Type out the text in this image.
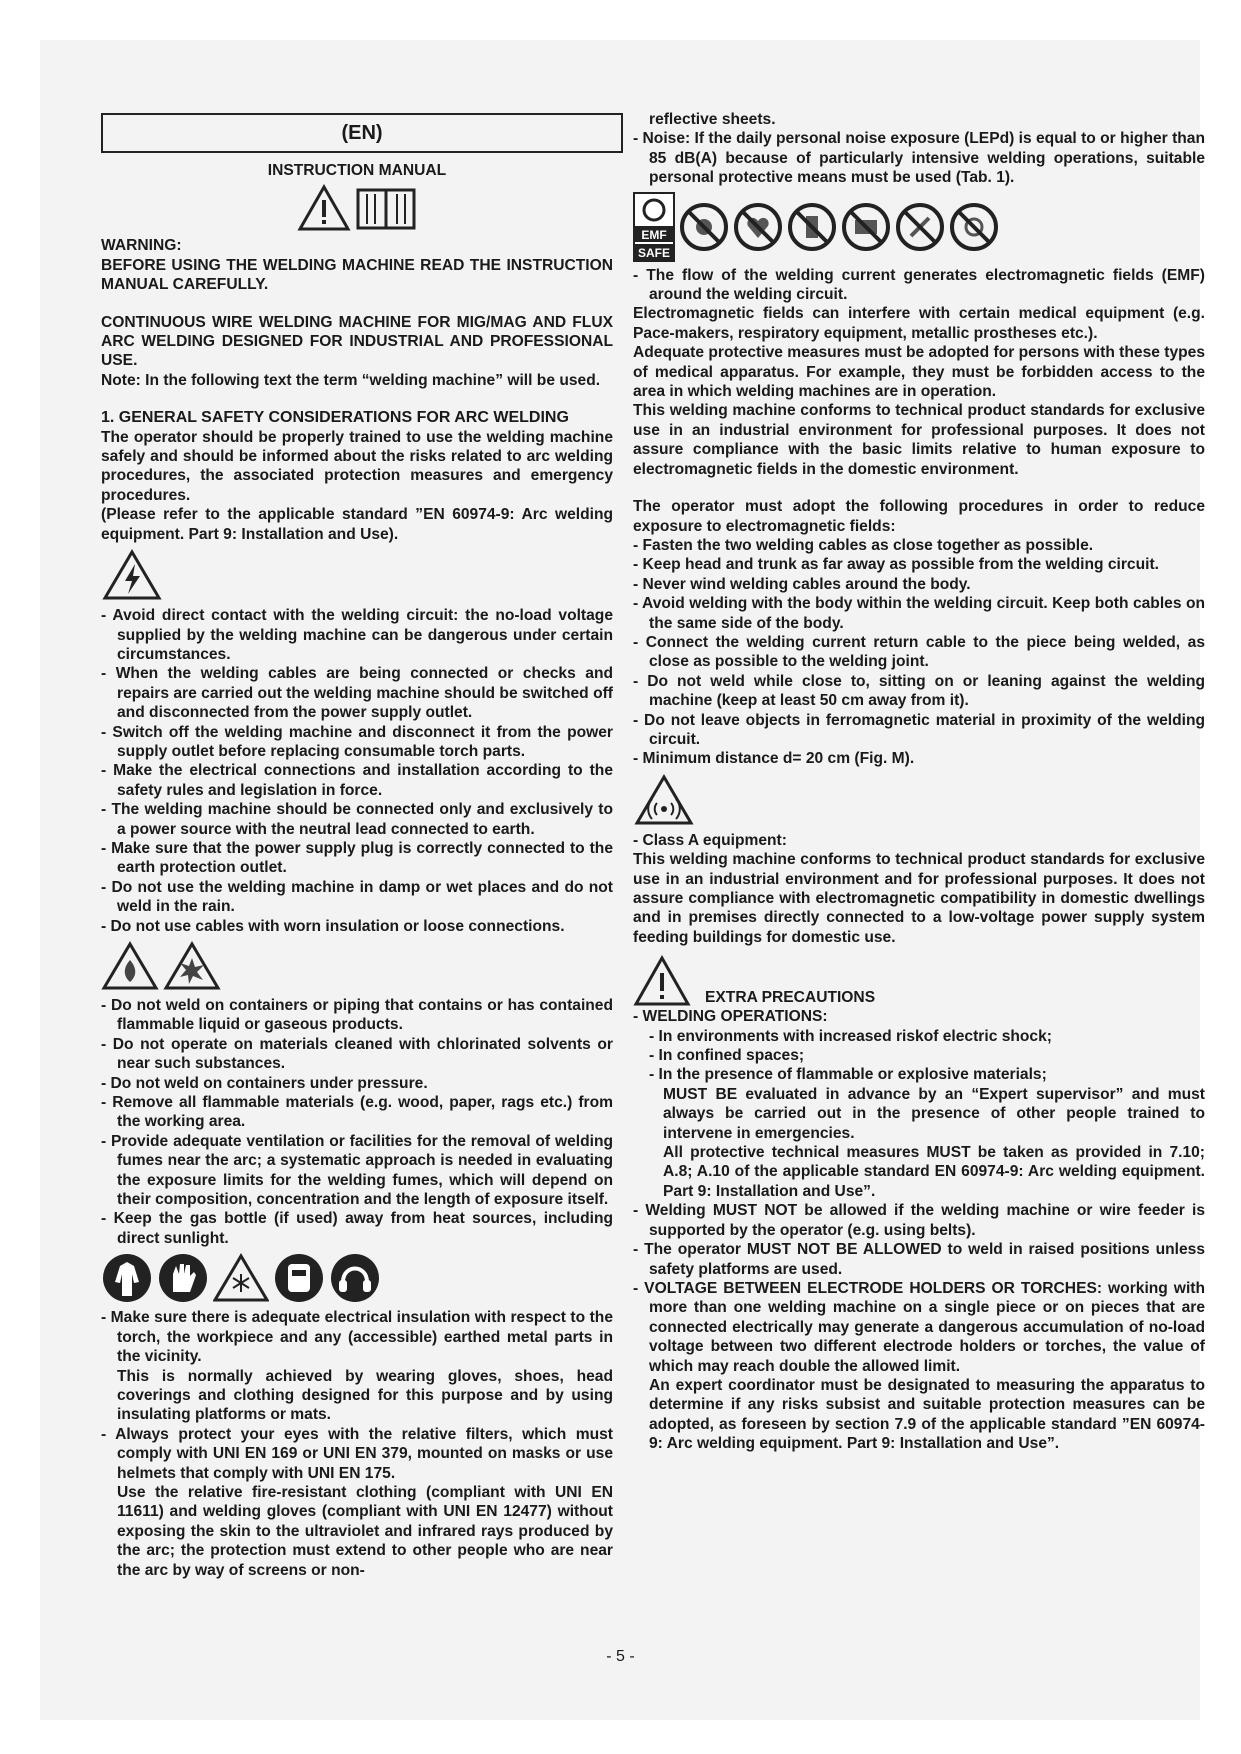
(EN)

INSTRUCTION MANUAL

WARNING:

BEFORE USING THE WELDING MACHINE READ THE INSTRUCTION MANUAL CAREFULLY.

CONTINUOUS WIRE WELDING MACHINE FOR MIG/MAG AND FLUX ARC WELDING DESIGNED FOR INDUSTRIAL AND PROFESSIONAL USE.

Note: In the following text the term “welding machine” will be used.

1. GENERAL SAFETY CONSIDERATIONS FOR ARC WELDING

The operator should be properly trained to use the welding machine safely and should be informed about the risks related to arc welding procedures, the associated protection measures and emergency procedures.

(Please refer to the applicable standard ”EN 60974-9: Arc welding equipment. Part 9: Installation and Use).

- Avoid direct contact with the welding circuit: the no-load voltage supplied by the welding machine can be dangerous under certain circumstances.

- When the welding cables are being connected or checks and repairs are carried out the welding machine should be switched off and disconnected from the power supply outlet.

- Switch off the welding machine and disconnect it from the power supply outlet before replacing consumable torch parts.

- Make the electrical connections and installation according to the safety rules and legislation in force.

- The welding machine should be connected only and exclusively to a power source with the neutral lead connected to earth.

- Make sure that the power supply plug is correctly connected to the earth protection outlet.

- Do not use the welding machine in damp or wet places and do not weld in the rain.

- Do not use cables with worn insulation or loose connections.

- Do not weld on containers or piping that contains or has contained flammable liquid or gaseous products.

- Do not operate on materials cleaned with chlorinated solvents or near such substances.

- Do not weld on containers under pressure.

- Remove all flammable materials (e.g. wood, paper, rags etc.) from the working area.

- Provide adequate ventilation or facilities for the removal of welding fumes near the arc; a systematic approach is needed in evaluating the exposure limits for the welding fumes, which will depend on their composition, concentration and the length of exposure itself.

- Keep the gas bottle (if used) away from heat sources, including direct sunlight.

- Make sure there is adequate electrical insulation with respect to the torch, the workpiece and any (accessible) earthed metal parts in the vicinity.

This is normally achieved by wearing gloves, shoes, head coverings and clothing designed for this purpose and by using insulating platforms or mats.

- Always protect your eyes with the relative filters, which must comply with UNI EN 169 or UNI EN 379, mounted on masks or use helmets that comply with UNI EN 175.

Use the relative fire-resistant clothing (compliant with UNI EN 11611) and welding gloves (compliant with UNI EN 12477) without exposing the skin to the ultraviolet and infrared rays produced by the arc; the protection must extend to other people who are near the arc by way of screens or non-

reflective sheets.

- Noise: If the daily personal noise exposure (LEPd) is equal to or higher than 85 dB(A) because of particularly intensive welding operations, suitable personal protective means must be used (Tab. 1).

EMF
SAFE

- The flow of the welding current generates electromagnetic fields (EMF) around the welding circuit.

Electromagnetic fields can interfere with certain medical equipment (e.g. Pace-makers, respiratory equipment, metallic prostheses etc.).

Adequate protective measures must be adopted for persons with these types of medical apparatus. For example, they must be forbidden access to the area in which welding machines are in operation.

This welding machine conforms to technical product standards for exclusive use in an industrial environment for professional purposes. It does not assure compliance with the basic limits relative to human exposure to electromagnetic fields in the domestic environment.

The operator must adopt the following procedures in order to reduce exposure to electromagnetic fields:

- Fasten the two welding cables as close together as possible.

- Keep head and trunk as far away as possible from the welding circuit.

- Never wind welding cables around the body.

- Avoid welding with the body within the welding circuit. Keep both cables on the same side of the body.

- Connect the welding current return cable to the piece being welded, as close as possible to the welding joint.

- Do not weld while close to, sitting on or leaning against the welding machine (keep at least 50 cm away from it).

- Do not leave objects in ferromagnetic material in proximity of the welding circuit.

- Minimum distance d= 20 cm (Fig. M).

- Class A equipment:

This welding machine conforms to technical product standards for exclusive use in an industrial environment and for professional purposes. It does not assure compliance with electromagnetic compatibility in domestic dwellings and in premises directly connected to a low-voltage power supply system feeding buildings for domestic use.

EXTRA PRECAUTIONS

- WELDING OPERATIONS:

- In environments with increased riskof electric shock;

- In confined spaces;

- In the presence of flammable or explosive materials;

MUST BE evaluated in advance by an “Expert supervisor” and must always be carried out in the presence of other people trained to intervene in emergencies.

All protective technical measures MUST be taken as provided in 7.10; A.8; A.10 of the applicable standard EN 60974-9: Arc welding equipment. Part 9: Installation and Use”.

- Welding MUST NOT be allowed if the welding machine or wire feeder is supported by the operator (e.g. using belts).

- The operator MUST NOT BE ALLOWED to weld in raised positions unless safety platforms are used.

- VOLTAGE BETWEEN ELECTRODE HOLDERS OR TORCHES: working with more than one welding machine on a single piece or on pieces that are connected electrically may generate a dangerous accumulation of no-load voltage between two different electrode holders or torches, the value of which may reach double the allowed limit.

An expert coordinator must be designated to measuring the apparatus to determine if any risks subsist and suitable protection measures can be adopted, as foreseen by section 7.9 of the applicable standard ”EN 60974-9: Arc welding equipment. Part 9: Installation and Use”.

- 5 -
